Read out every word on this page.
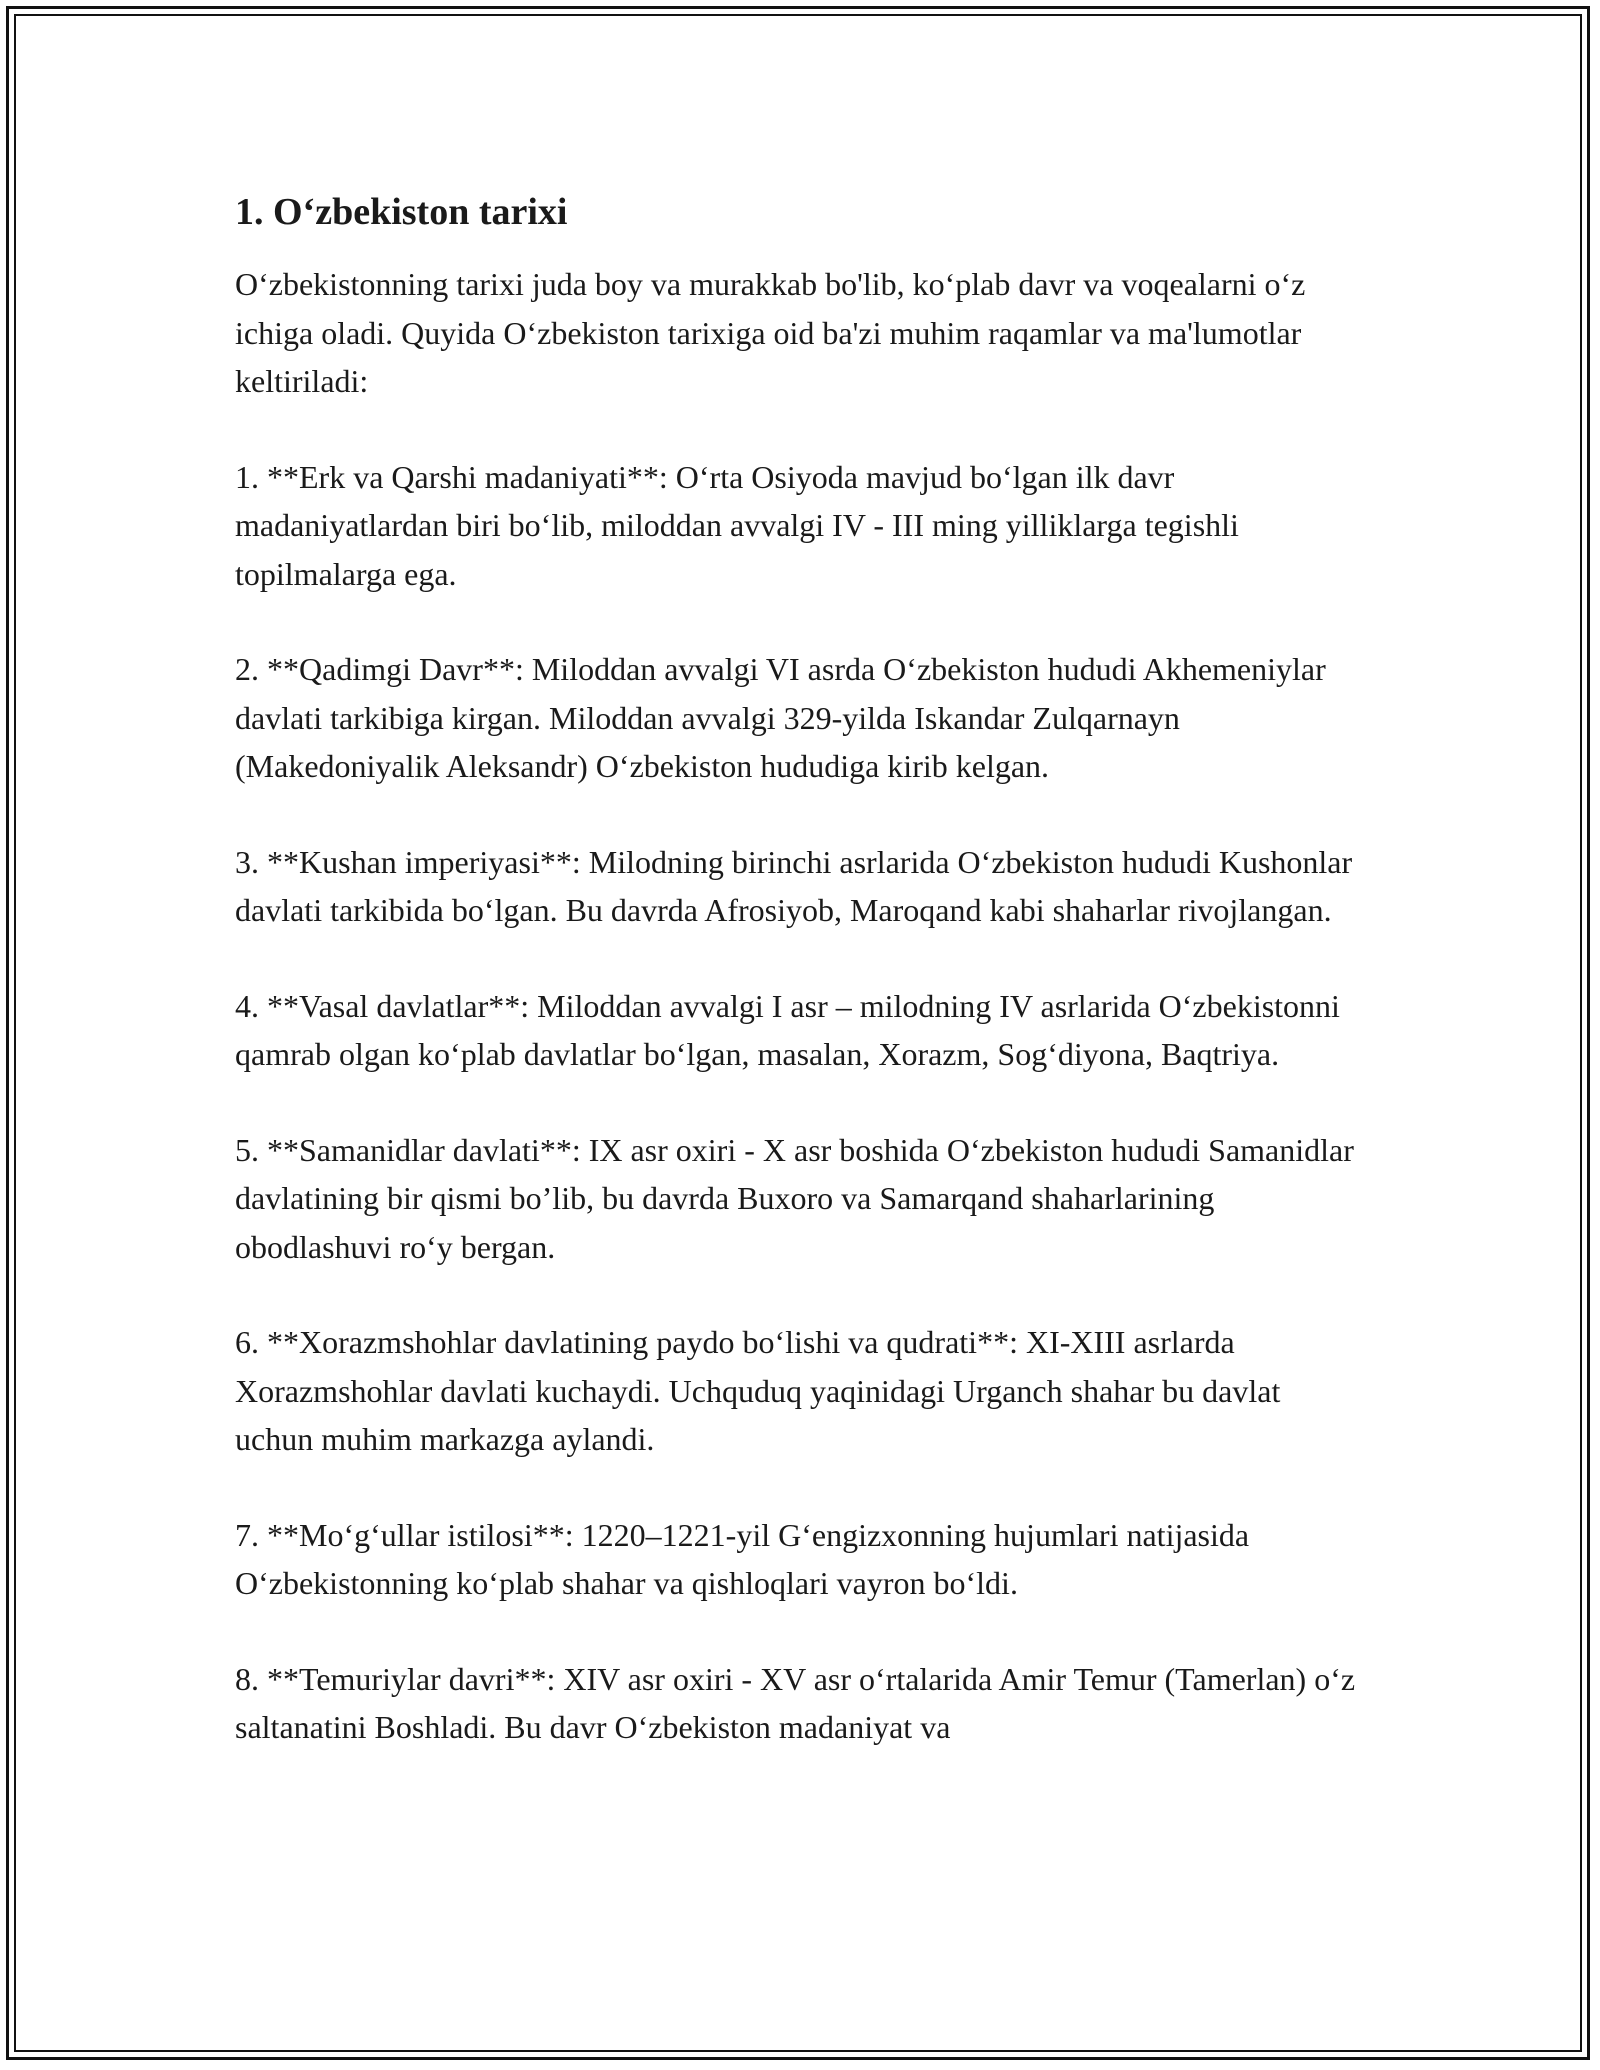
1. O‘zbekiston tarixi

O‘zbekistonning tarixi juda boy va murakkab bo'lib, ko‘plab davr va voqealarni o‘z ichiga oladi. Quyida O‘zbekiston tarixiga oid ba'zi muhim raqamlar va ma'lumotlar keltiriladi:

1. **Erk va Qarshi madaniyati**: O‘rta Osiyoda mavjud bo‘lgan ilk davr madaniyatlardan biri bo‘lib, miloddan avvalgi IV - III ming yilliklarga tegishli topilmalarga ega.

2. **Qadimgi Davr**: Miloddan avvalgi VI asrda O‘zbekiston hududi Akhemeniylar davlati tarkibiga kirgan. Miloddan avvalgi 329-yilda Iskandar Zulqarnayn (Makedoniyalik Aleksandr) O‘zbekiston hududiga kirib kelgan.

3. **Kushan imperiyasi**: Milodning birinchi asrlarida O‘zbekiston hududi Kushonlar davlati tarkibida bo‘lgan. Bu davrda Afrosiyob, Maroqand kabi shaharlar rivojlangan.

4. **Vasal davlatlar**: Miloddan avvalgi I asr – milodning IV asrlarida O‘zbekistonni qamrab olgan ko‘plab davlatlar bo‘lgan, masalan, Xorazm, Sog‘diyona, Baqtriya.

5. **Samanidlar davlati**: IX asr oxiri - X asr boshida O‘zbekiston hududi Samanidlar davlatining bir qismi bo’lib, bu davrda Buxoro va Samarqand shaharlarining obodlashuvi ro‘y bergan.

6. **Xorazmshohlar davlatining paydo bo‘lishi va qudrati**: XI-XIII asrlarda Xorazmshohlar davlati kuchaydi. Uchquduq yaqinidagi Urganch shahar bu davlat uchun muhim markazga aylandi.

7. **Mo‘g‘ullar istilosi**: 1220–1221-yil G‘engizxonning hujumlari natijasida O‘zbekistonning ko‘plab shahar va qishloqlari vayron bo‘ldi.

8. **Temuriylar davri**: XIV asr oxiri - XV asr o‘rtalarida Amir Temur (Tamerlan) o‘z saltanatini Boshladi. Bu davr O‘zbekiston madaniyat va
